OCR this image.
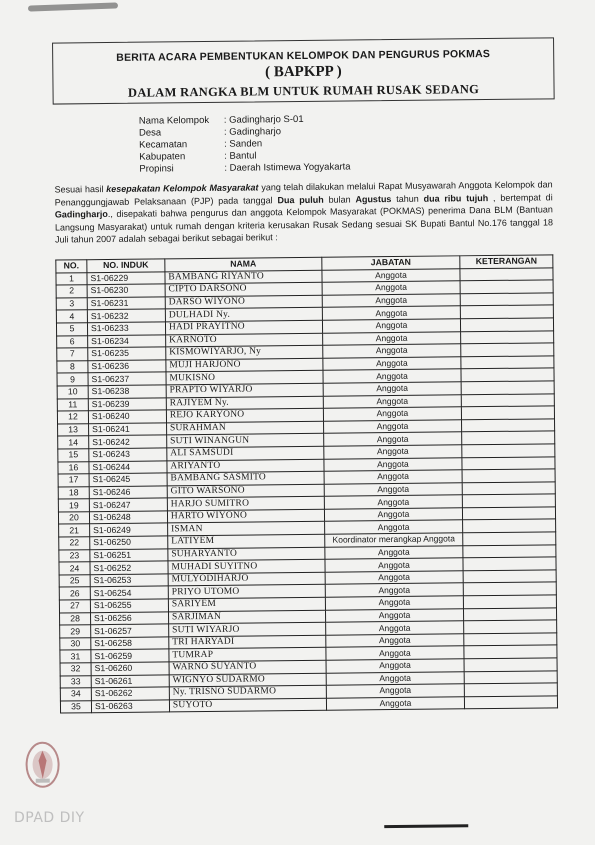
BERITA ACARA PEMBENTUKAN KELOMPOK DAN PENGURUS POKMAS
( BAPKPP )
DALAM RANGKA BLM UNTUK RUMAH RUSAK SEDANG
Nama Kelompok	: Gadingharjo S-01
Desa	: Gadingharjo
Kecamatan	: Sanden
Kabupaten	: Bantul
Propinsi	: Daerah Istimewa Yogyakarta
Sesuai hasil kesepakatan Kelompok Masyarakat yang telah dilakukan melalui Rapat Musyawarah Anggota Kelompok dan Penanggungjawab Pelaksanaan (PJP) pada tanggal Dua puluh bulan Agustus tahun dua ribu tujuh , bertempat di Gadingharjo., disepakati bahwa pengurus dan anggota Kelompok Masyarakat (POKMAS) penerima Dana BLM (Bantuan Langsung Masyarakat) untuk rumah dengan kriteria kerusakan Rusak Sedang sesuai SK Bupati Bantul No.176 tanggal 18 Juli tahun 2007 adalah sebagai berikut sebagai berikut :
NO.	NO. INDUK	NAMA	JABATAN	KETERANGAN
1	S1-06229	BAMBANG RIYANTO	Anggota	
2	S1-06230	CIPTO DARSONO	Anggota	
3	S1-06231	DARSO WIYONO	Anggota	
4	S1-06232	DULHADI Ny.	Anggota	
5	S1-06233	HADI PRAYITNO	Anggota	
6	S1-06234	KARNOTO	Anggota	
7	S1-06235	KISMOWIYARJO, Ny	Anggota	
8	S1-06236	MUJI HARJONO	Anggota	
9	S1-06237	MUKISNO	Anggota	
10	S1-06238	PRAPTO WIYARJO	Anggota	
11	S1-06239	RAJIYEM Ny.	Anggota	
12	S1-06240	REJO KARYONO	Anggota	
13	S1-06241	SURAHMAN	Anggota	
14	S1-06242	SUTI WINANGUN	Anggota	
15	S1-06243	ALI SAMSUDI	Anggota	
16	S1-06244	ARIYANTO	Anggota	
17	S1-06245	BAMBANG SASMITO	Anggota	
18	S1-06246	GITO WARSONO	Anggota	
19	S1-06247	HARJO SUMITRO	Anggota	
20	S1-06248	HARTO WIYONO	Anggota	
21	S1-06249	ISMAN	Anggota	
22	S1-06250	LATIYEM	Koordinator merangkap Anggota	
23	S1-06251	SUHARYANTO	Anggota	
24	S1-06252	MUHADI SUYITNO	Anggota	
25	S1-06253	MULYODIHARJO	Anggota	
26	S1-06254	PRIYO UTOMO	Anggota	
27	S1-06255	SARIYEM	Anggota	
28	S1-06256	SARJIMAN	Anggota	
29	S1-06257	SUTI WIYARJO	Anggota	
30	S1-06258	TRI HARYADI	Anggota	
31	S1-06259	TUMRAP	Anggota	
32	S1-06260	WARNO SUYANTO	Anggota	
33	S1-06261	WIGNYO SUDARMO	Anggota	
34	S1-06262	Ny. TRISNO SUDARMO	Anggota	
35	S1-06263	SUYOTO	Anggota	
DPAD DIY
